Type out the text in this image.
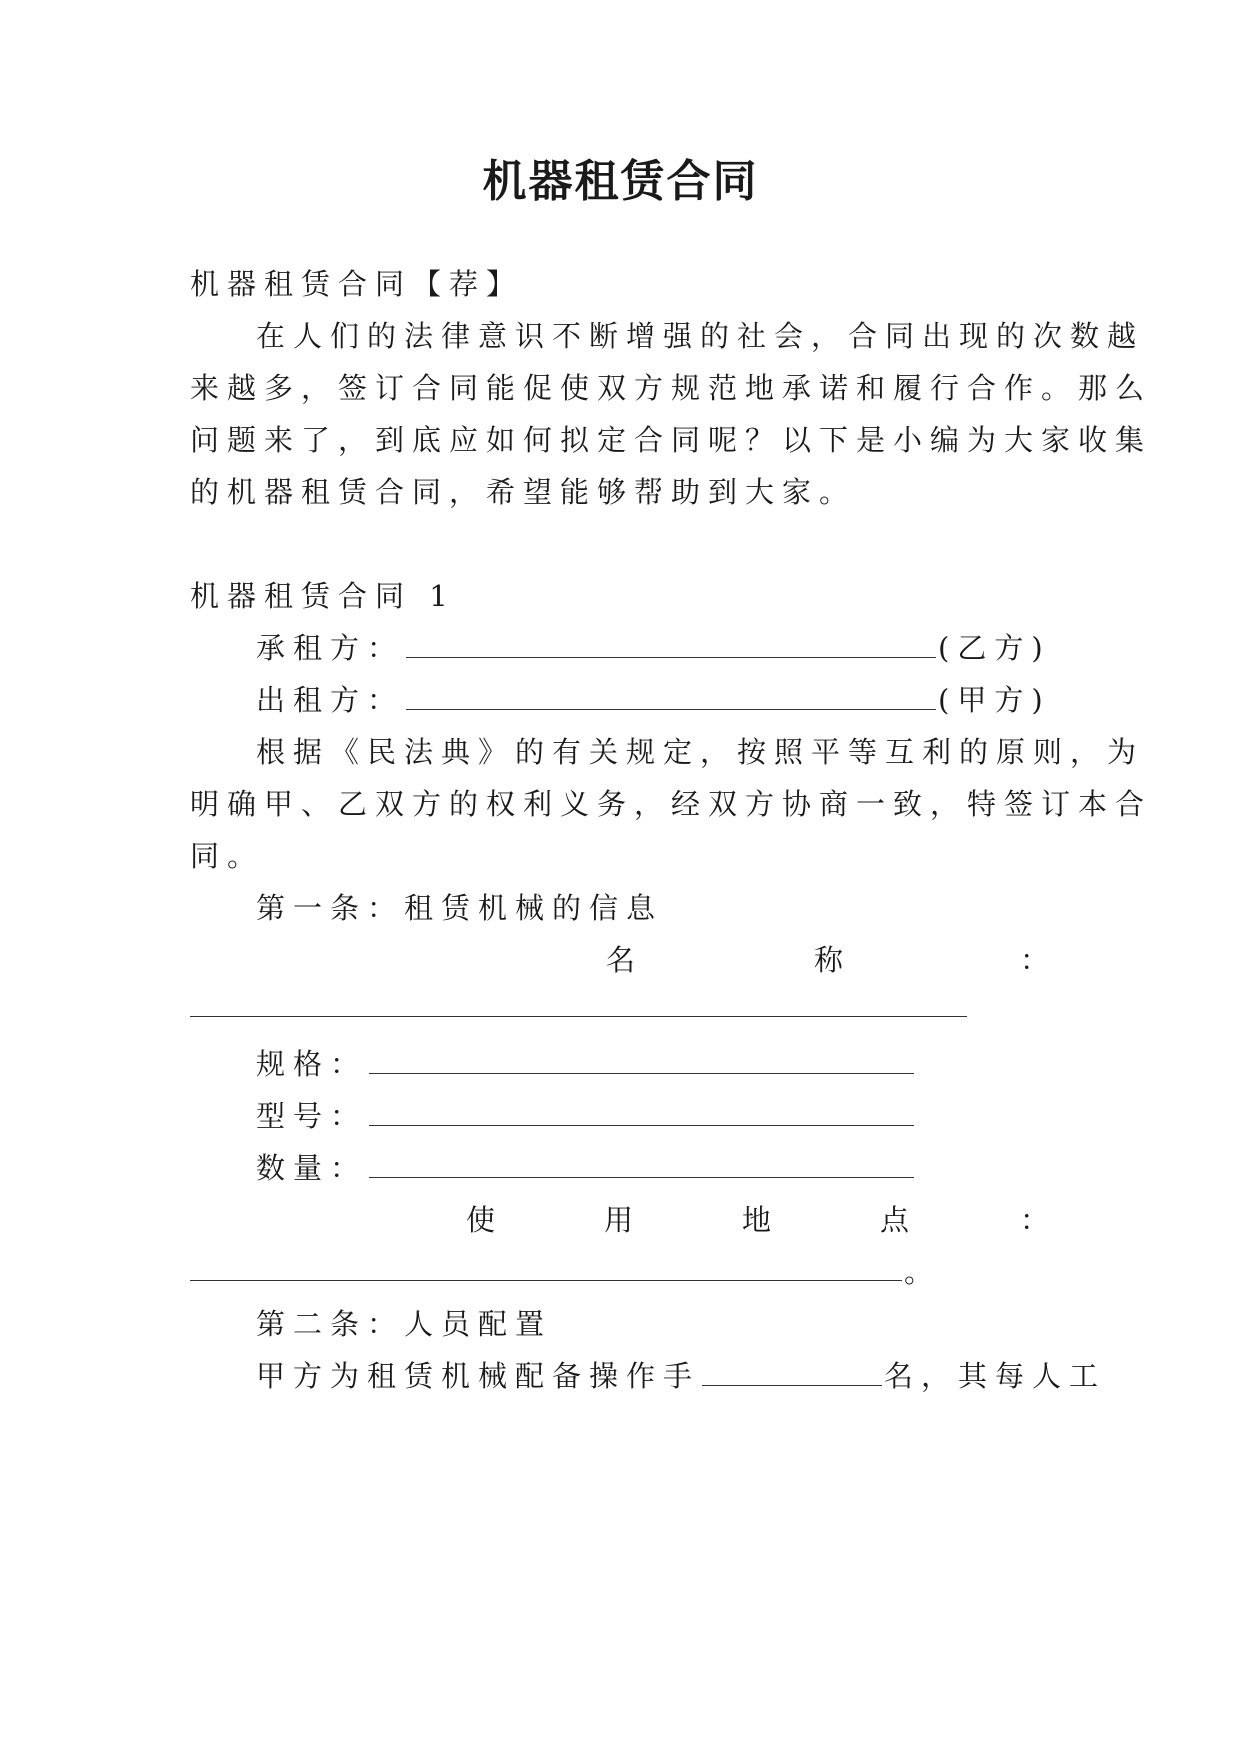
机器租赁合同
机器租赁合同【荐】
在人们的法律意识不断增强的社会，合同出现的次数越
来越多，签订合同能促使双方规范地承诺和履行合作。那么
问题来了，到底应如何拟定合同呢？以下是小编为大家收集
的机器租赁合同，希望能够帮助到大家。
机器租赁合同 1
承租方：	(乙方)
出租方：	(甲方)
根据《民法典》的有关规定，按照平等互利的原则，为
明确甲、乙双方的权利义务，经双方协商一致，特签订本合
同。
第一条：租赁机械的信息
名	称	：
规格：
型号：
数量：
使	用	地	点	：
。
第二条：人员配置
甲方为租赁机械配备操作手	名，其每人工
